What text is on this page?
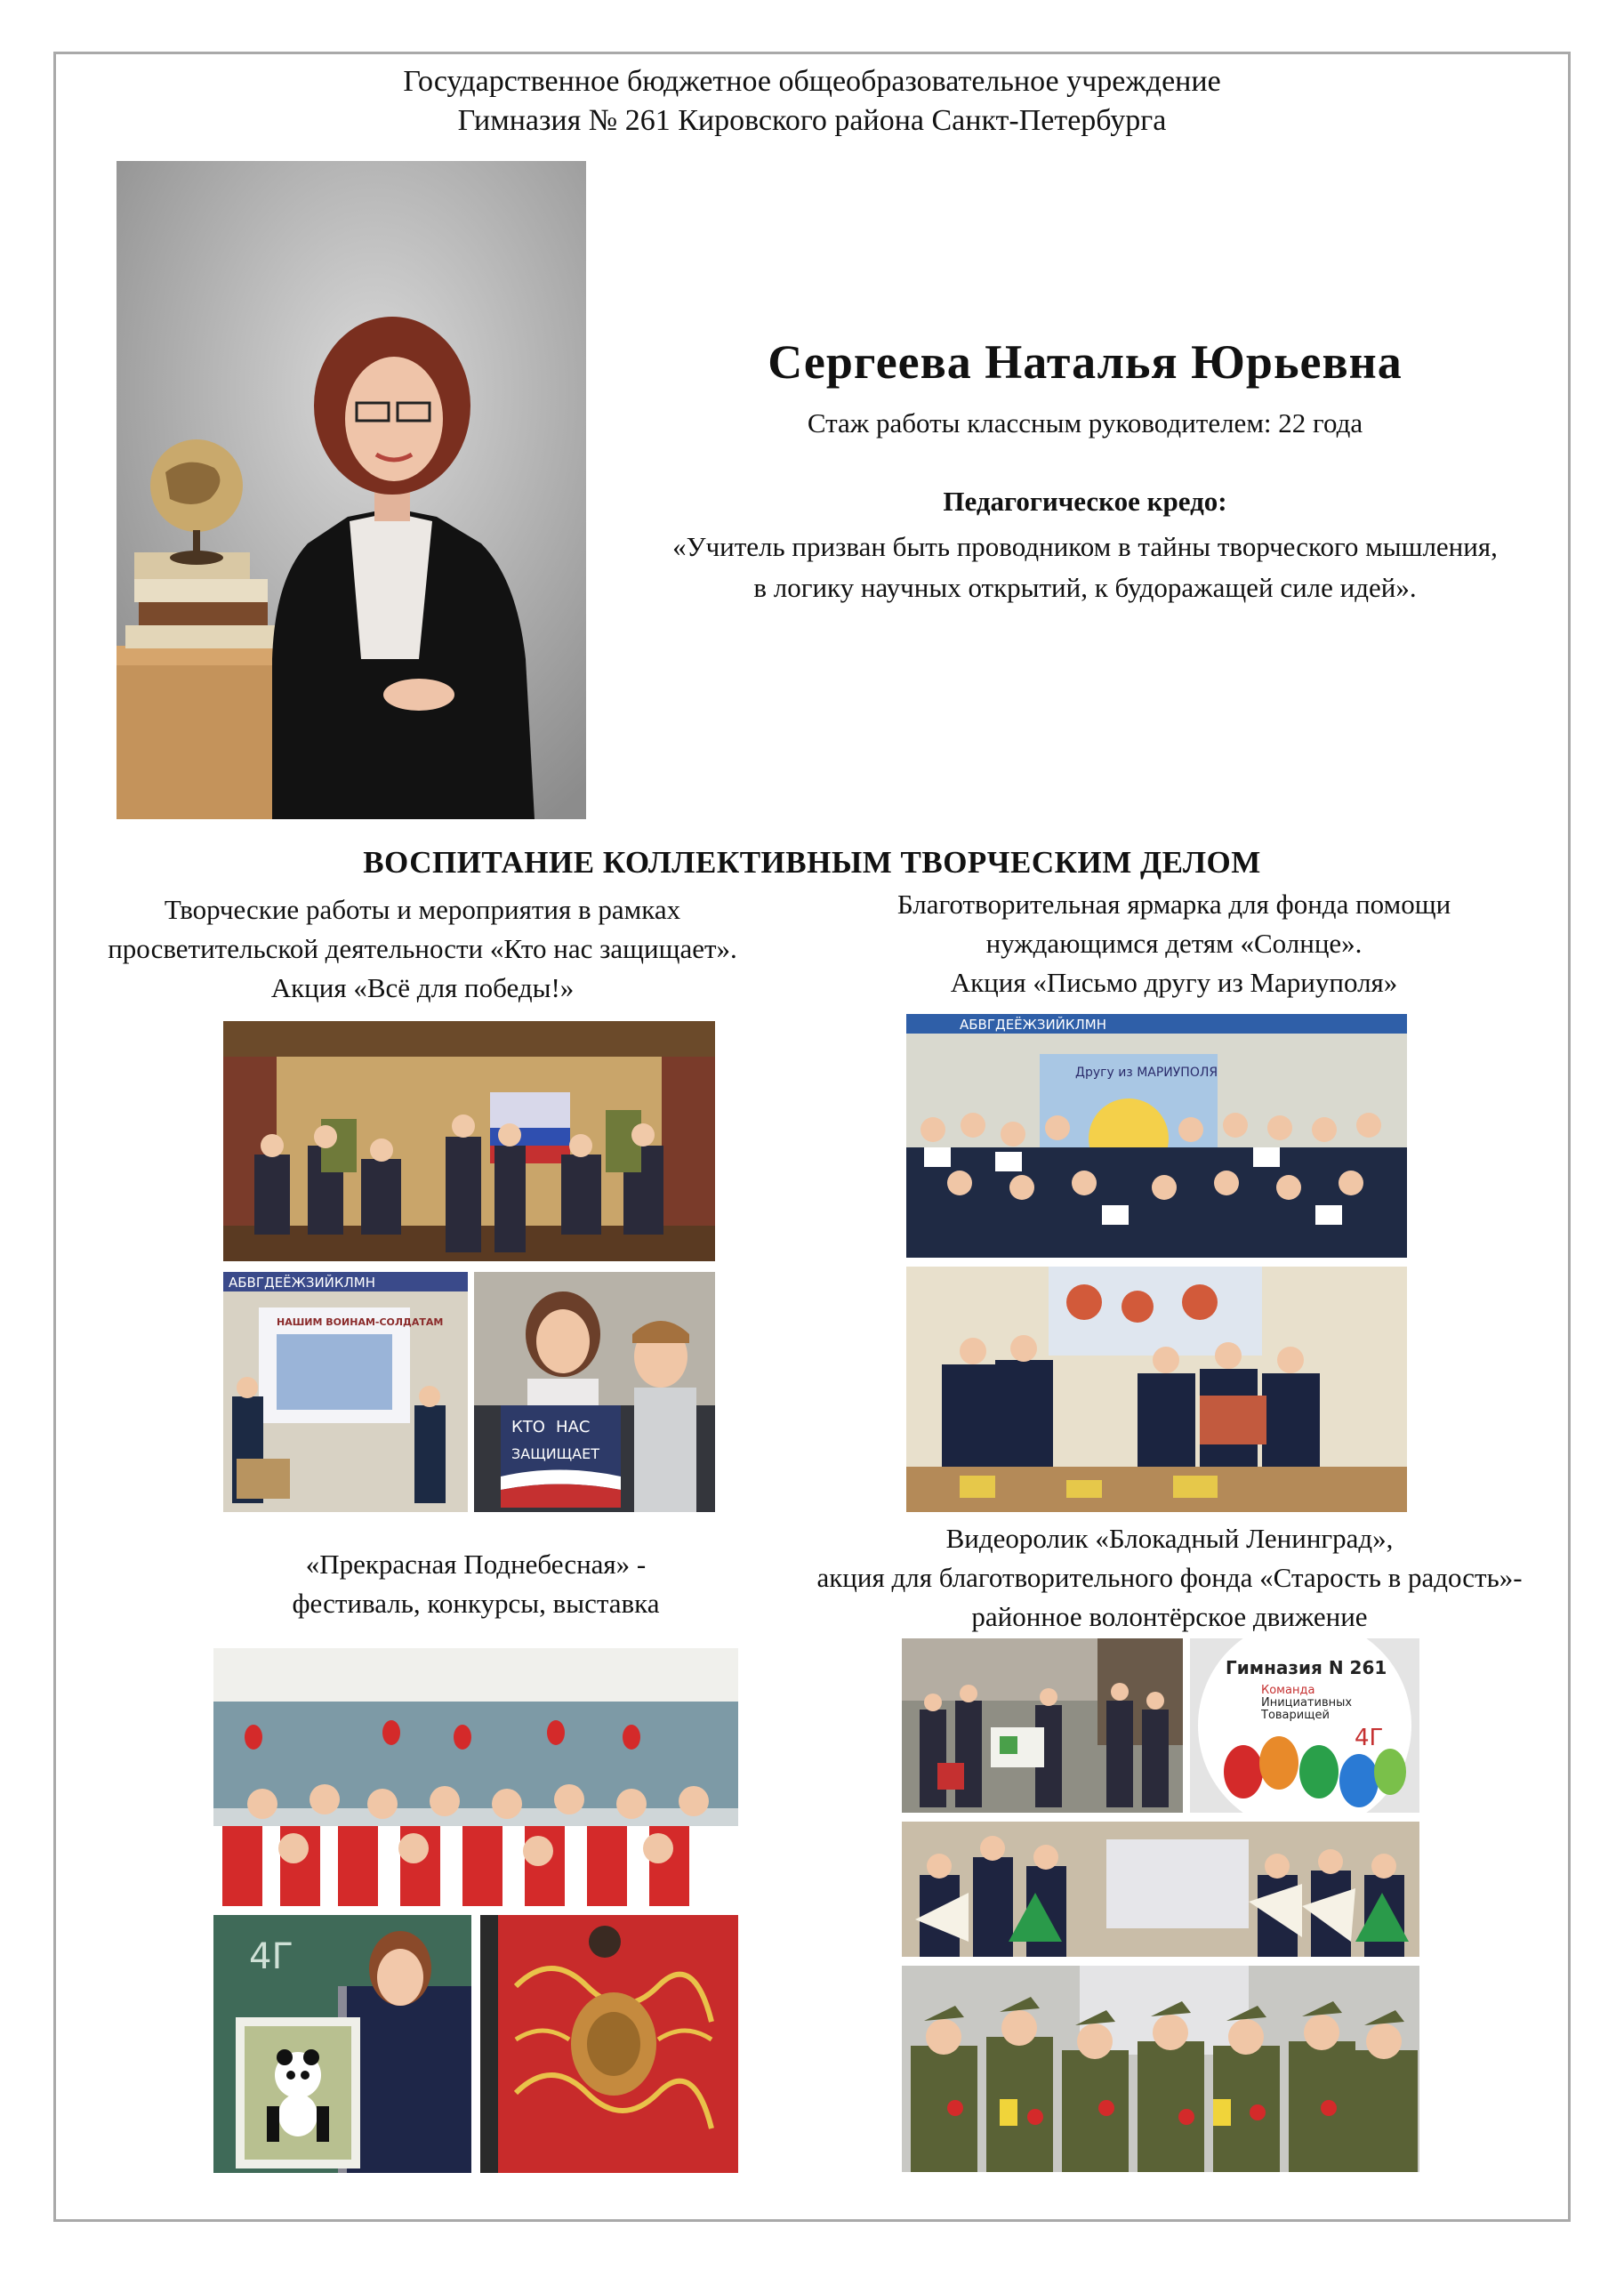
Государственное бюджетное общеобразовательное учреждение
Гимназия № 261 Кировского района Санкт-Петербурга
Сергеева Наталья Юрьевна
Стаж работы классным руководителем: 22 года
Педагогическое кредо:
«Учитель призван быть проводником в тайны творческого мышления,
в логику научных открытий, к будоражащей силе идей».
ВОСПИТАНИЕ КОЛЛЕКТИВНЫМ ТВОРЧЕСКИМ ДЕЛОМ
Творческие работы и мероприятия в рамках
просветительской деятельности «Кто нас защищает».
Акция «Всё для победы!»
Благотворительная ярмарка для фонда помощи
нуждающимся детям «Солнце».
Акция «Письмо другу из Мариуполя»
«Прекрасная Поднебесная» -
фестиваль, конкурсы, выставка
Видеоролик «Блокадный Ленинград»,
акция для благотворительного фонда «Старость в радость»-
районное волонтёрское движение
АБВГДЕЁЖЗИЙКЛМН
НАШИМ ВОИНАМ-СОЛДАТАМ
КТО НАС
ЗАЩИЩАЕТ
АБВГДЕЁЖЗИЙКЛМН
Другу из МАРИУПОЛЯ
4Г
Гимназия N 261
Команда
Инициативных
Товарищей
4Г
